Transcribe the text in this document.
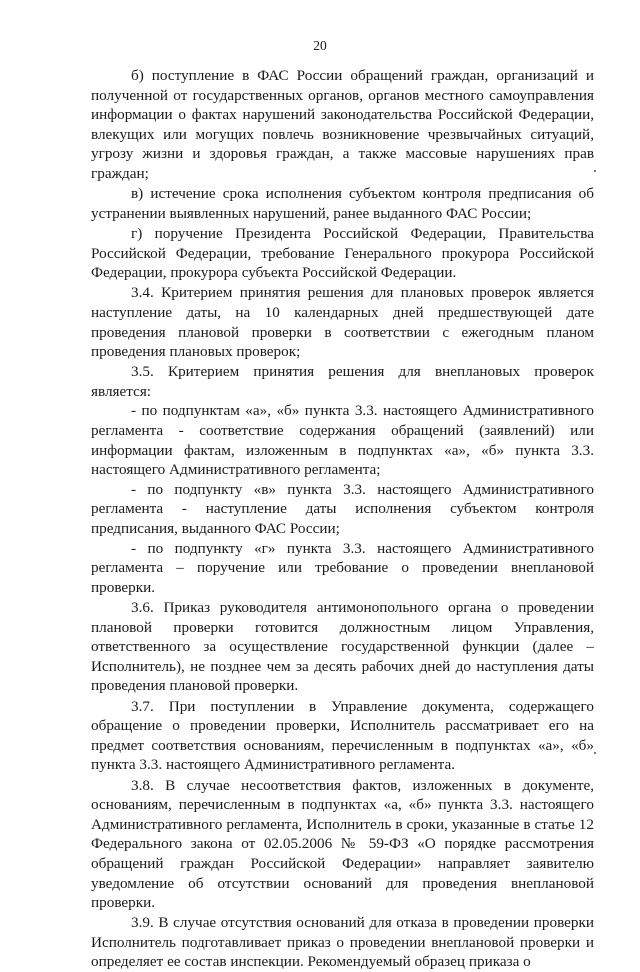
20

б) поступление в ФАС России обращений граждан, организаций и полученной от государственных органов, органов местного самоуправления информации о фактах нарушений законодательства Российской Федерации, влекущих или могущих повлечь возникновение чрезвычайных ситуаций, угрозу жизни и здоровья граждан, а также массовые нарушениях прав граждан;

в) истечение срока исполнения субъектом контроля предписания об устранении выявленных нарушений, ранее выданного ФАС России;

г) поручение Президента Российской Федерации, Правительства Российской Федерации, требование Генерального прокурора Российской Федерации, прокурора субъекта Российской Федерации.

3.4. Критерием принятия решения для плановых проверок является наступление даты, на 10 календарных дней предшествующей дате проведения плановой проверки в соответствии с ежегодным планом проведения плановых проверок;

3.5. Критерием принятия решения для внеплановых проверок является:

- по подпунктам «а», «б» пункта 3.3. настоящего Административного регламента - соответствие содержания обращений (заявлений) или информации фактам, изложенным в подпунктах «а», «б» пункта 3.3. настоящего Административного регламента;

- по подпункту «в» пункта 3.3. настоящего Административного регламента - наступление даты исполнения субъектом контроля предписания, выданного ФАС России;

- по подпункту «г» пункта 3.3. настоящего Административного регламента – поручение или требование о проведении внеплановой проверки.

3.6. Приказ руководителя антимонопольного органа о проведении плановой проверки готовится должностным лицом Управления, ответственного за осуществление государственной функции (далее – Исполнитель), не позднее чем за десять рабочих дней до наступления даты проведения плановой проверки.

3.7. При поступлении в Управление документа, содержащего обращение о проведении проверки, Исполнитель рассматривает его на предмет соответствия основаниям, перечисленным в подпунктах «а», «б» пункта 3.3. настоящего Административного регламента.

3.8. В случае несоответствия фактов, изложенных в документе, основаниям, перечисленным в подпунктах «а, «б» пункта 3.3. настоящего Административного регламента, Исполнитель в сроки, указанные в статье 12 Федерального закона от 02.05.2006 № 59-ФЗ «О порядке рассмотрения обращений граждан Российской Федерации» направляет заявителю уведомление об отсутствии оснований для проведения внеплановой проверки.

3.9. В случае отсутствия оснований для отказа в проведении проверки Исполнитель подготавливает приказ о проведении внеплановой проверки и определяет ее состав инспекции. Рекомендуемый образец приказа о
